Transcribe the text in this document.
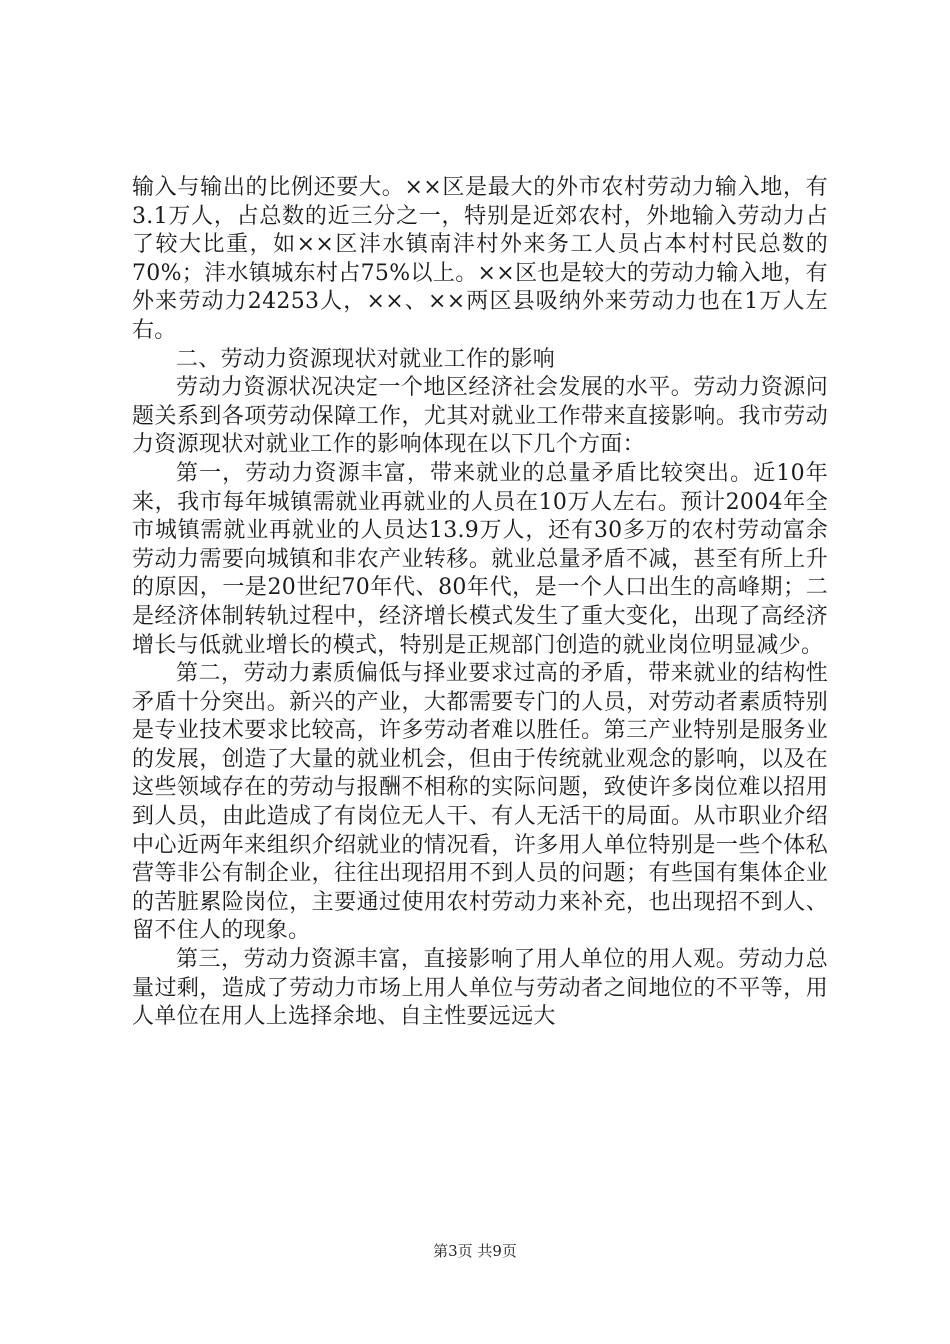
输入与输出的比例还要大。××区是最大的外市农村劳动力输入地，有3.1万人，占总数的近三分之一，特别是近郊农村，外地输入劳动力占了较大比重，如××区沣水镇南沣村外来务工人员占本村村民总数的70%；沣水镇城东村占75%以上。××区也是较大的劳动力输入地，有外来劳动力24253人，××、××两区县吸纳外来劳动力也在1万人左右。

二、劳动力资源现状对就业工作的影响

劳动力资源状况决定一个地区经济社会发展的水平。劳动力资源问题关系到各项劳动保障工作，尤其对就业工作带来直接影响。我市劳动力资源现状对就业工作的影响体现在以下几个方面：

第一，劳动力资源丰富，带来就业的总量矛盾比较突出。近10年来，我市每年城镇需就业再就业的人员在10万人左右。预计2004年全市城镇需就业再就业的人员达13.9万人，还有30多万的农村劳动富余劳动力需要向城镇和非农产业转移。就业总量矛盾不减，甚至有所上升的原因，一是20世纪70年代、80年代，是一个人口出生的高峰期；二是经济体制转轨过程中，经济增长模式发生了重大变化，出现了高经济增长与低就业增长的模式，特别是正规部门创造的就业岗位明显减少。

第二，劳动力素质偏低与择业要求过高的矛盾，带来就业的结构性矛盾十分突出。新兴的产业，大都需要专门的人员，对劳动者素质特别是专业技术要求比较高，许多劳动者难以胜任。第三产业特别是服务业的发展，创造了大量的就业机会，但由于传统就业观念的影响，以及在这些领域存在的劳动与报酬不相称的实际问题，致使许多岗位难以招用到人员，由此造成了有岗位无人干、有人无活干的局面。从市职业介绍中心近两年来组织介绍就业的情况看，许多用人单位特别是一些个体私营等非公有制企业，往往出现招用不到人员的问题；有些国有集体企业的苦脏累险岗位，主要通过使用农村劳动力来补充，也出现招不到人、留不住人的现象。

第三，劳动力资源丰富，直接影响了用人单位的用人观。劳动力总量过剩，造成了劳动力市场上用人单位与劳动者之间地位的不平等，用人单位在用人上选择余地、自主性要远远大

第3页 共9页
